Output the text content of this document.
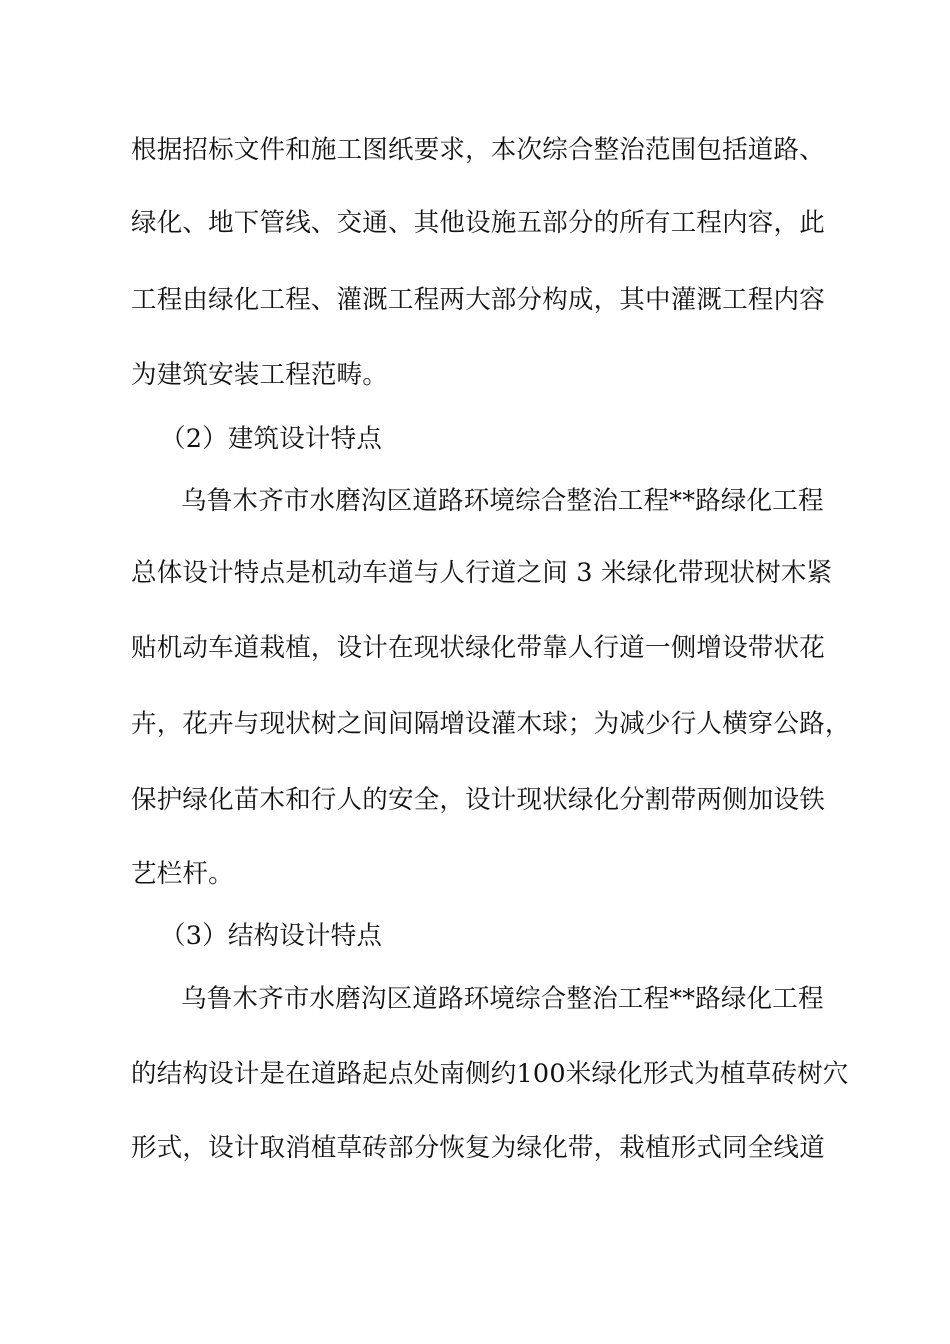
根据招标文件和施工图纸要求，本次综合整治范围包括道路、
绿化、地下管线、交通、其他设施五部分的所有工程内容，此
工程由绿化工程、灌溉工程两大部分构成，其中灌溉工程内容
为建筑安装工程范畴。
（2）建筑设计特点
乌鲁木齐市水磨沟区道路环境综合整治工程**路绿化工程
总体设计特点是机动车道与人行道之间 3 米绿化带现状树木紧
贴机动车道栽植，设计在现状绿化带靠人行道一侧增设带状花
卉，花卉与现状树之间间隔增设灌木球；为减少行人横穿公路，
保护绿化苗木和行人的安全，设计现状绿化分割带两侧加设铁
艺栏杆。
（3）结构设计特点
乌鲁木齐市水磨沟区道路环境综合整治工程**路绿化工程
的结构设计是在道路起点处南侧约100米绿化形式为植草砖树穴
形式，设计取消植草砖部分恢复为绿化带，栽植形式同全线道
